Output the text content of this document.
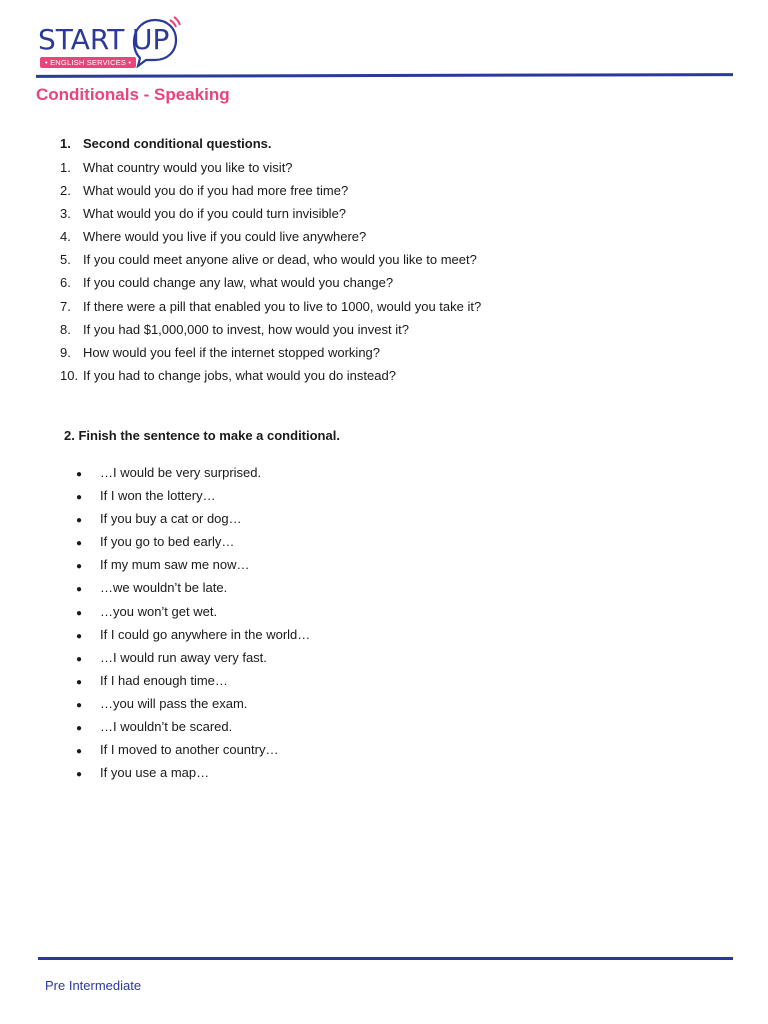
START UP
• ENGLISH SERVICES •
Conditionals - Speaking
1. Second conditional questions.
1. What country would you like to visit?
2. What would you do if you had more free time?
3. What would you do if you could turn invisible?
4. Where would you live if you could live anywhere?
5. If you could meet anyone alive or dead, who would you like to meet?
6. If you could change any law, what would you change?
7. If there were a pill that enabled you to live to 1000, would you take it?
8. If you had $1,000,000 to invest, how would you invest it?
9. How would you feel if the internet stopped working?
10. If you had to change jobs, what would you do instead?
2. Finish the sentence to make a conditional.
● …I would be very surprised.
● If I won the lottery…
● If you buy a cat or dog…
● If you go to bed early…
● If my mum saw me now…
● …we wouldn’t be late.
● …you won’t get wet.
● If I could go anywhere in the world…
● …I would run away very fast.
● If I had enough time…
● …you will pass the exam.
● …I wouldn’t be scared.
● If I moved to another country…
● If you use a map…
Pre Intermediate
